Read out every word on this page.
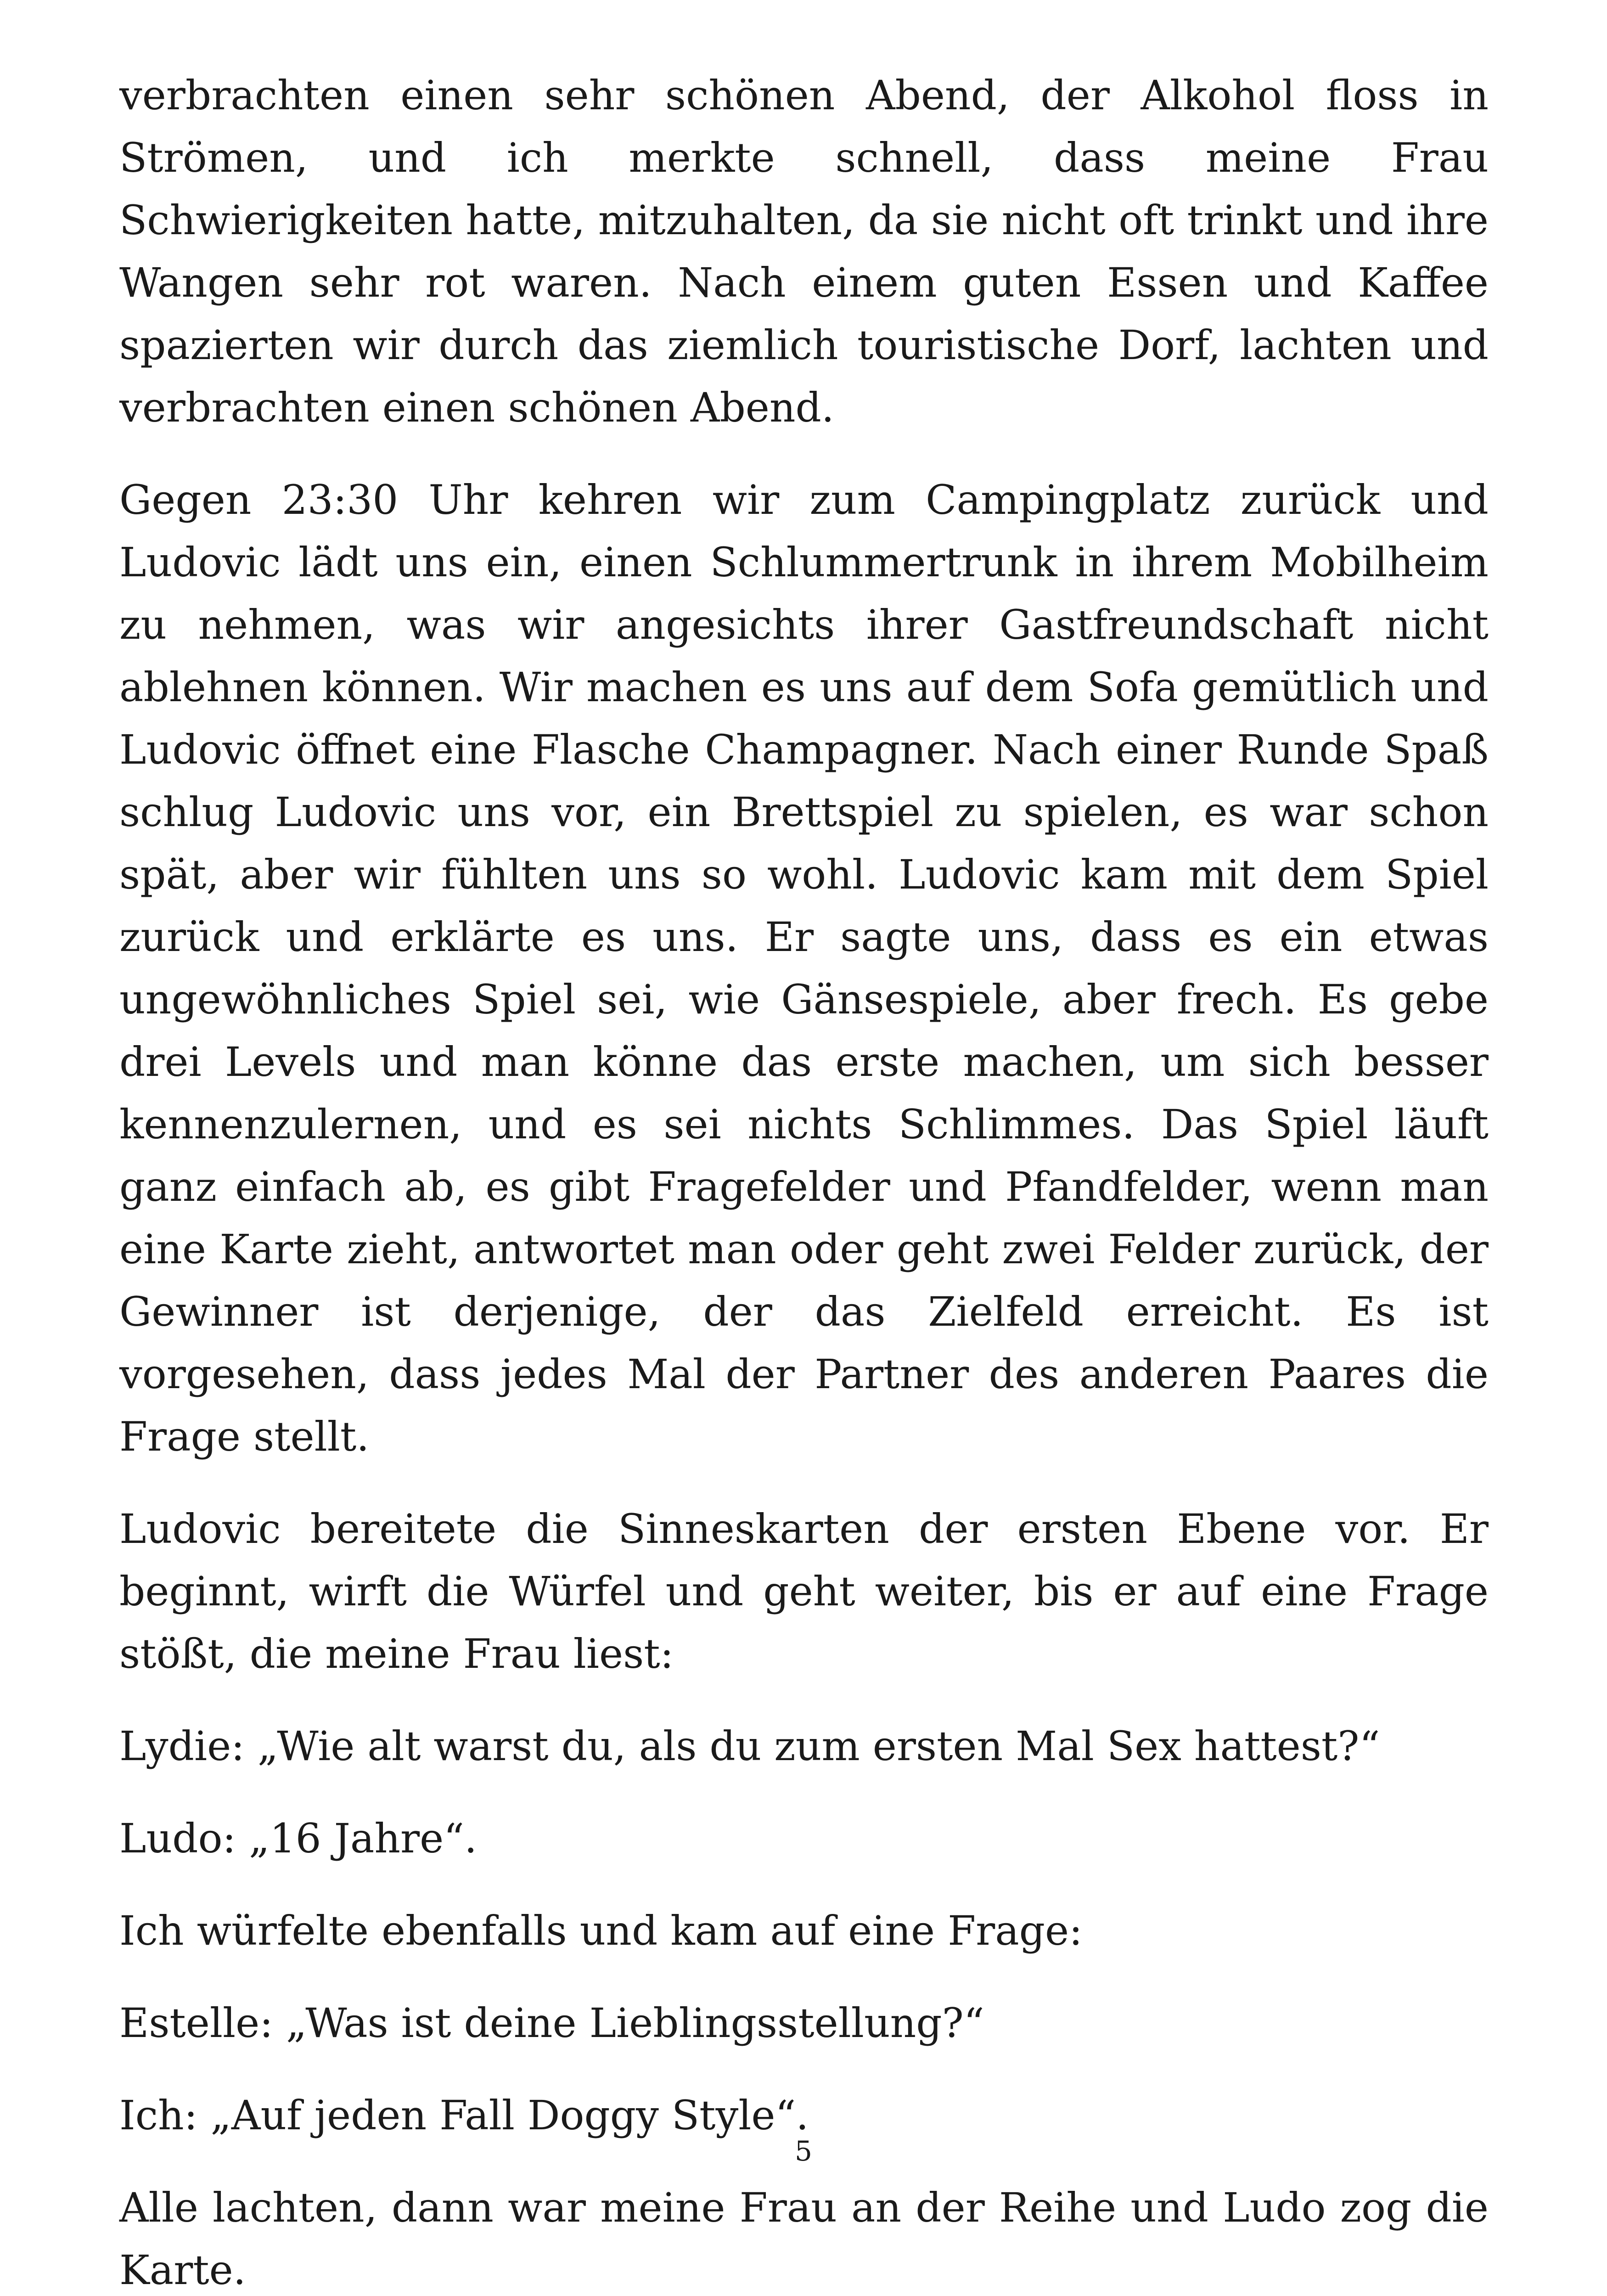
verbrachten einen sehr schönen Abend, der Alkohol floss in Strömen, und ich merkte schnell, dass meine Frau Schwierigkeiten hatte, mitzuhalten, da sie nicht oft trinkt und ihre Wangen sehr rot waren. Nach einem guten Essen und Kaffee spazierten wir durch das ziemlich touristische Dorf, lachten und verbrachten einen schönen Abend.

Gegen 23:30 Uhr kehren wir zum Campingplatz zurück und Ludovic lädt uns ein, einen Schlummertrunk in ihrem Mobilheim zu nehmen, was wir angesichts ihrer Gastfreundschaft nicht ablehnen können. Wir machen es uns auf dem Sofa gemütlich und Ludovic öffnet eine Flasche Champagner. Nach einer Runde Spaß schlug Ludovic uns vor, ein Brettspiel zu spielen, es war schon spät, aber wir fühlten uns so wohl. Ludovic kam mit dem Spiel zurück und erklärte es uns. Er sagte uns, dass es ein etwas ungewöhnliches Spiel sei, wie Gänsespiele, aber frech. Es gebe drei Levels und man könne das erste machen, um sich besser kennenzulernen, und es sei nichts Schlimmes. Das Spiel läuft ganz einfach ab, es gibt Fragefelder und Pfandfelder, wenn man eine Karte zieht, antwortet man oder geht zwei Felder zurück, der Gewinner ist derjenige, der das Zielfeld erreicht. Es ist vorgesehen, dass jedes Mal der Partner des anderen Paares die Frage stellt.

Ludovic bereitete die Sinneskarten der ersten Ebene vor. Er beginnt, wirft die Würfel und geht weiter, bis er auf eine Frage stößt, die meine Frau liest:

Lydie: „Wie alt warst du, als du zum ersten Mal Sex hattest?“

Ludo: „16 Jahre“.

Ich würfelte ebenfalls und kam auf eine Frage:

Estelle: „Was ist deine Lieblingsstellung?“

Ich: „Auf jeden Fall Doggy Style“.

Alle lachten, dann war meine Frau an der Reihe und Ludo zog die Karte.

5
